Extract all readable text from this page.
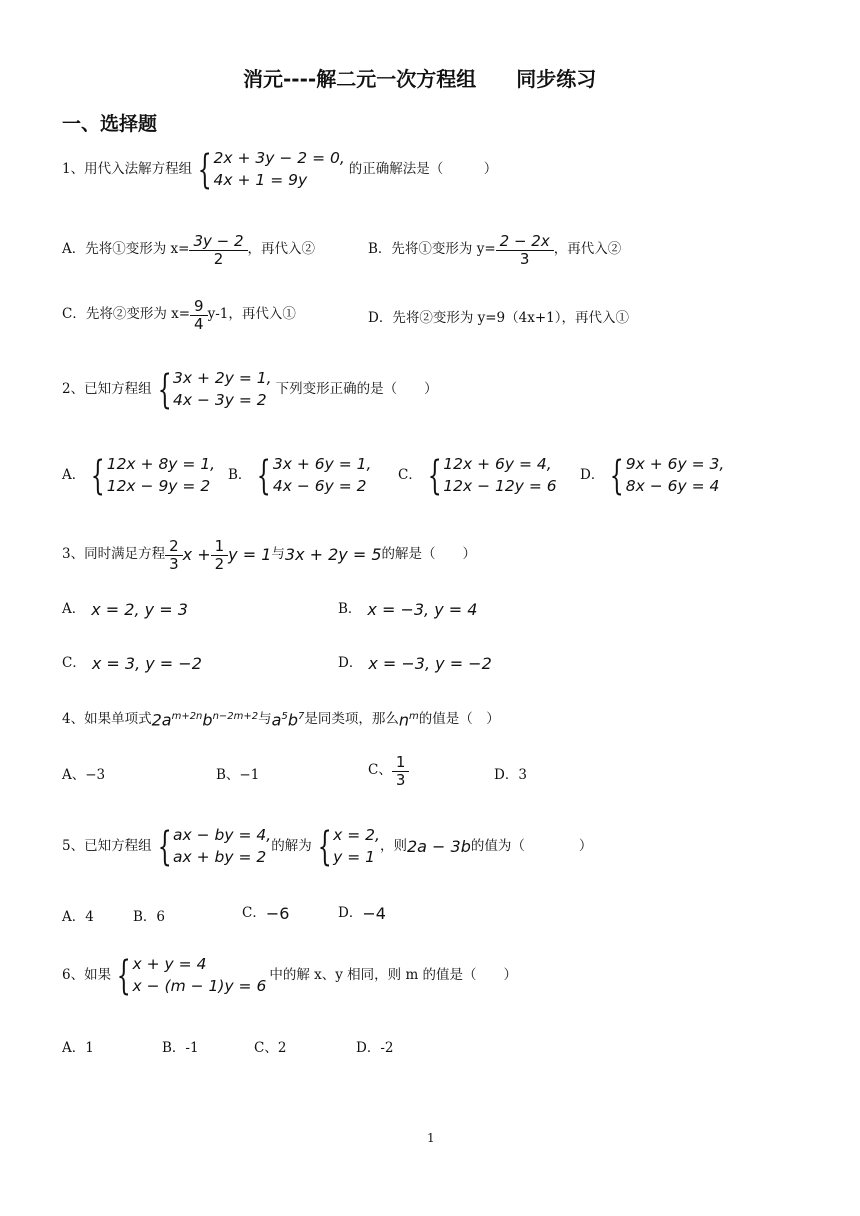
消元----解二元一次方程组　　同步练习
一、选择题
1、用代入法解方程组 { 2x + 3y − 2 = 0,
4x + 1 = 9y
的正确解法是（　　　）
A．先将①变形为 $x= \frac{3y - 2}{2}$ ，再代入②	B．先将①变形为 $y= \frac{2 - 2x}{3}$ ，再代入②
C．先将②变形为 $x= \frac{9}{4} y-1$，再代入①	D．先将②变形为 y=9（4x+1），再代入①
2、已知方程组 { 3x + 2y = 1,
4x − 3y = 2
下列变形正确的是（　　）
A． { 12x + 8y = 1,
12x − 9y = 2
B． { 3x + 6y = 1,
4x − 6y = 2
C． { 12x + 6y = 4,
12x − 12y = 6
D． { 9x + 6y = 3,
8x − 6y = 4
3、同时满足方程 $\frac{2}{3}$ $x + \frac{1}{2}$ y = 1 与 3x + 2y = 5 的解是（　　）
A． x = 2, y = 3	B． x = −3, y = 4
C． x = 3, y = −2	D． x = −3, y = −2
4、如果单项式 $2a^{m+2n}b^{n-2m+2}$ 与 $a^5b^7$ 是同类项，那么 $n^m$ 的值是（　）
A、−3	B、−1	C、 $\frac{1}{3}$	D．3
5、已知方程组 { ax − by = 4,
ax + by = 2
的解为 { x = 2,
y = 1
，则 2a − 3b 的值为（　　　　）
A．4	B．6	C． −6	D． −4
6、如果 { x + y = 4
x − (m − 1)y = 6
中的解 x、y 相同，则 m 的值是（　　）
A．1	B．-1	C、2	D．-2
1
